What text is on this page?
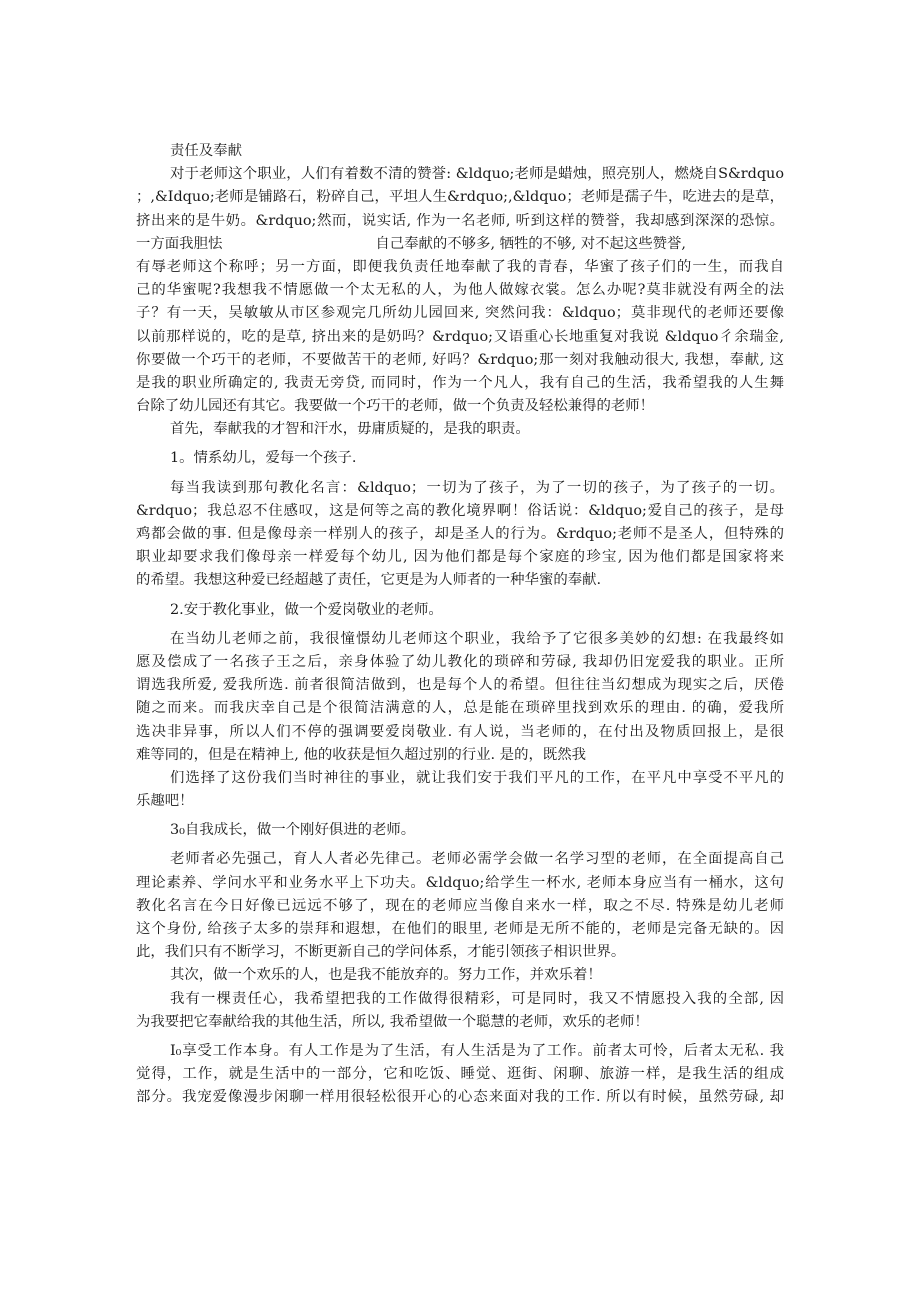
责任及奉献
对于老师这个职业，人们有着数不清的赞誉: &ldquo;老师是蜡烛，照亮别人，燃烧自S&rdquo
；,&Idquo;老师是铺路石，粉碎自己，平坦人生&rdquo;,&ldquo；老师是孺子牛，吃进去的是草，
挤出来的是牛奶。&rdquo;然而，说实话, 作为一名老师, 听到这样的赞誉，我却感到深深的恐惊。
一方面我胆怯	自己奉献的不够多, 牺牲的不够, 对不起这些赞誉,
有辱老师这个称呼；另一方面，即便我负责任地奉献了我的青春，华蜜了孩子们的一生，而我自
己的华蜜呢?我想我不情愿做一个太无私的人，为他人做嫁衣裳。怎么办呢?莫非就没有两全的法
子？有一天，吴敏敏从市区参观完几所幼儿园回来, 突然问我：&ldquo；莫非现代的老师还要像
以前那样说的，吃的是草, 挤出来的是奶吗？&rdquo;又语重心长地重复对我说 &ldquo彳余瑞金,
你要做一个巧干的老师，不要做苦干的老师, 好吗？&rdquo;那一刻对我触动很大, 我想，奉献, 这
是我的职业所确定的, 我责无旁贷, 而同时，作为一个凡人，我有自己的生活，我希望我的人生舞
台除了幼儿园还有其它。我要做一个巧干的老师，做一个负责及轻松兼得的老师！
首先，奉献我的才智和汗水，毋庸质疑的，是我的职责。
1。情系幼儿，爱每一个孩子.
每当我读到那句教化名言：&ldquo；一切为了孩子，为了一切的孩子，为了孩子的一切。
&rdquo；我总忍不住感叹，这是何等之高的教化境界啊！俗话说：&ldquo;爱自己的孩子，是母
鸡都会做的事. 但是像母亲一样别人的孩子，却是圣人的行为。&rdquo;老师不是圣人，但特殊的
职业却要求我们像母亲一样爱每个幼儿, 因为他们都是每个家庭的珍宝, 因为他们都是国家将来
的希望。我想这种爱已经超越了责任，它更是为人师者的一种华蜜的奉献.
2.安于教化事业，做一个爱岗敬业的老师。
在当幼儿老师之前，我很憧憬幼儿老师这个职业，我给予了它很多美妙的幻想: 在我最终如
愿及偿成了一名孩子王之后，亲身体验了幼儿教化的琐碎和劳碌, 我却仍旧宠爱我的职业。正所
谓选我所爱, 爱我所选. 前者很简洁做到，也是每个人的希望。但往往当幻想成为现实之后，厌倦
随之而来。而我庆幸自己是个很简洁满意的人，总是能在琐碎里找到欢乐的理由. 的确，爱我所
选决非异事，所以人们不停的强调要爱岗敬业. 有人说，当老师的，在付出及物质回报上，是很
难等同的，但是在精神上, 他的收获是恒久超过别的行业. 是的，既然我
们选择了这份我们当时神往的事业，就让我们安于我们平凡的工作，在平凡中享受不平凡的
乐趣吧！
3₀自我成长，做一个刚好俱进的老师。
老师者必先强己，育人人者必先律己。老师必需学会做一名学习型的老师，在全面提高自己
理论素养、学问水平和业务水平上下功夫。&ldquo;给学生一杯水, 老师本身应当有一桶水，这句
教化名言在今日好像已远远不够了，现在的老师应当像自来水一样，取之不尽. 特殊是幼儿老师
这个身份, 给孩子太多的崇拜和遐想，在他们的眼里, 老师是无所不能的，老师是完备无缺的。因
此，我们只有不断学习，不断更新自己的学问体系，才能引领孩子相识世界。
其次，做一个欢乐的人，也是我不能放弃的。努力工作，并欢乐着！
我有一棵责任心，我希望把我的工作做得很精彩，可是同时，我又不情愿投入我的全部, 因
为我要把它奉献给我的其他生活，所以, 我希望做一个聪慧的老师，欢乐的老师！
I₀享受工作本身。有人工作是为了生活，有人生活是为了工作。前者太可怜，后者太无私. 我
觉得，工作，就是生活中的一部分，它和吃饭、睡觉、逛街、闲聊、旅游一样，是我生活的组成
部分。我宠爱像漫步闲聊一样用很轻松很开心的心态来面对我的工作. 所以有时候，虽然劳碌, 却
